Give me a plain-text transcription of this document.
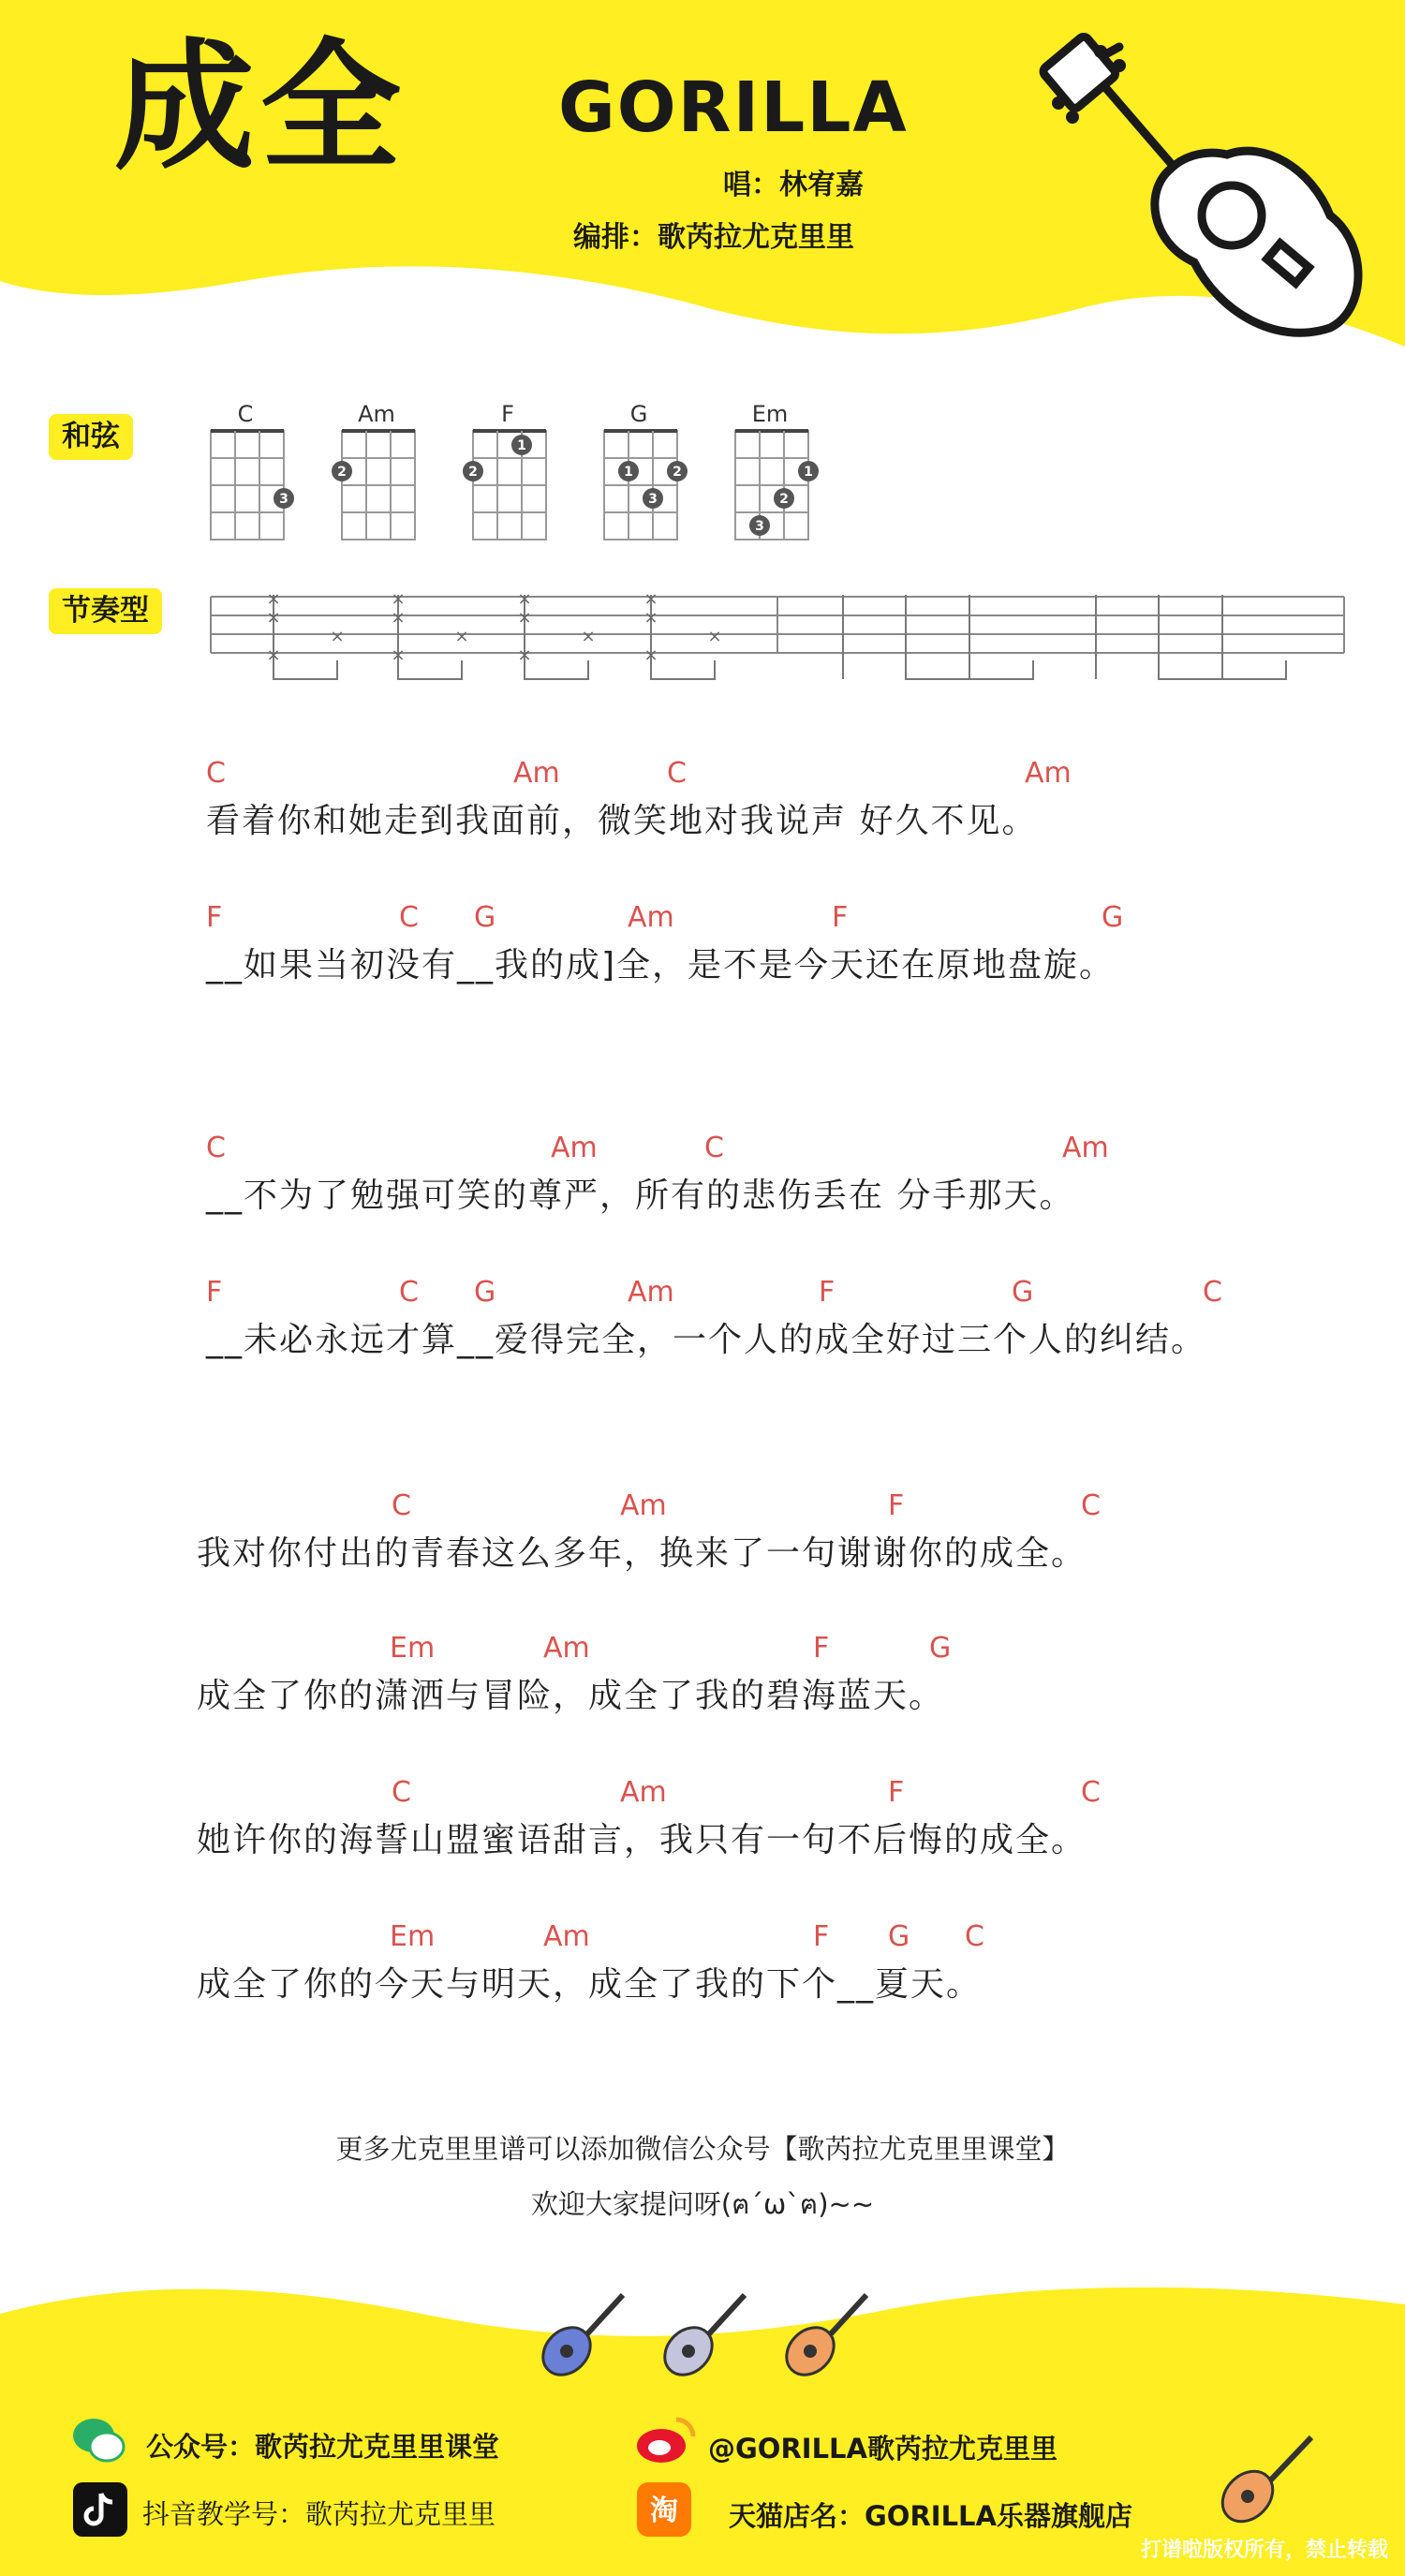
成全 GORILLA
唱：林宥嘉
编排：歌芮拉尤克里里
和弦
节奏型
C	Am	F	G	Em
3
2	2
1
1	2
3
1
2
3
×
×
×
×
×
×
×
×
×
×
×
×
×
×
×
×
C	Am	C	Am
看着你和她走到我面前，微笑地对我说声 好久不见。
F	C G	Am	F	G
__如果当初没有__我的成]全，是不是今天还在原地盘旋。
C	Am	C	Am
__不为了勉强可笑的尊严，所有的悲伤丢在 分手那天。
F	C G	Am	F	G	C
__未必永远才算__爱得完全，一个人的成全好过三个人的纠结。
C	Am	F	C
我对你付出的青春这么多年，换来了一句谢谢你的成全。
Em	Am	F	G
成全了你的潇洒与冒险，成全了我的碧海蓝天。
C	Am	F	C
她许你的海誓山盟蜜语甜言，我只有一句不后悔的成全。
Em	Am	F G C
成全了你的今天与明天，成全了我的下个__夏天。
更多尤克里里谱可以添加微信公众号【歌芮拉尤克里里课堂】
欢迎大家提问呀(ฅ´ω`ฅ)~~
公众号：歌芮拉尤克里里课堂	@GORILLA歌芮拉尤克里里
抖音教学号：歌芮拉尤克里里	淘 天猫店名：GORILLA乐器旗舰店
打谱啦版权所有，禁止转载
